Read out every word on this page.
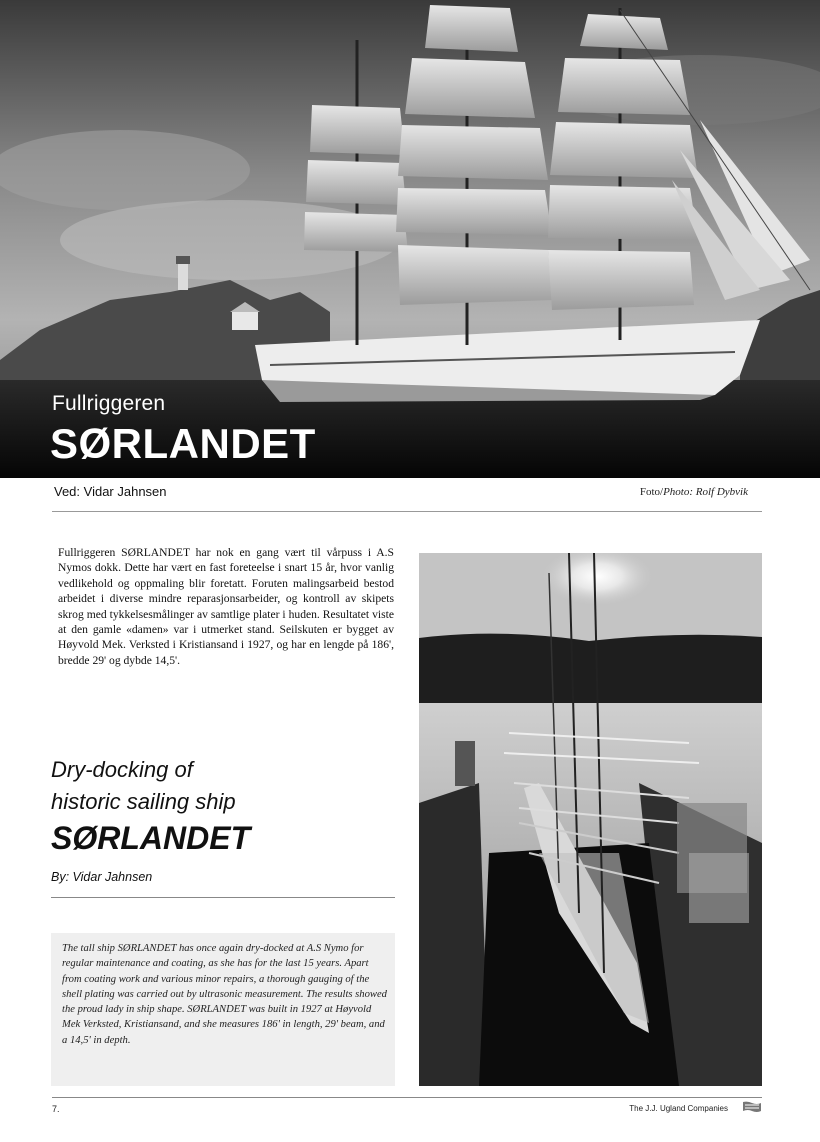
Fullriggeren
SØRLANDET
Ved: Vidar Jahnsen	Foto/Photo: Rolf Dybvik
Fullriggeren SØRLANDET har nok en gang vært til vårpuss i A.S Nymos dokk. Dette har vært en fast foreteelse i snart 15 år, hvor vanlig vedlikehold og oppmaling blir foretatt. Foruten malingsarbeid bestod arbeidet i diverse mindre reparasjonsarbeider, og kontroll av skipets skrog med tykkelsesmålinger av samtlige plater i huden. Resultatet viste at den gamle «damen» var i utmerket stand. Seilskuten er bygget av Høyvold Mek. Verksted i Kristiansand i 1927, og har en lengde på 186', bredde 29' og dybde 14,5'.
Dry-docking of
historic sailing ship
SØRLANDET
By: Vidar Jahnsen
The tall ship SØRLANDET has once again dry-docked at A.S Nymo for regular maintenance and coating, as she has for the last 15 years. Apart from coating work and various minor repairs, a thorough gauging of the shell plating was carried out by ultrasonic measurement. The results showed the proud lady in ship shape. SØRLANDET was built in 1927 at Høyvold Mek Verksted, Kristiansand, and she measures 186' in length, 29' beam, and a 14,5' in depth.
7.	The J.J. Ugland Companies
